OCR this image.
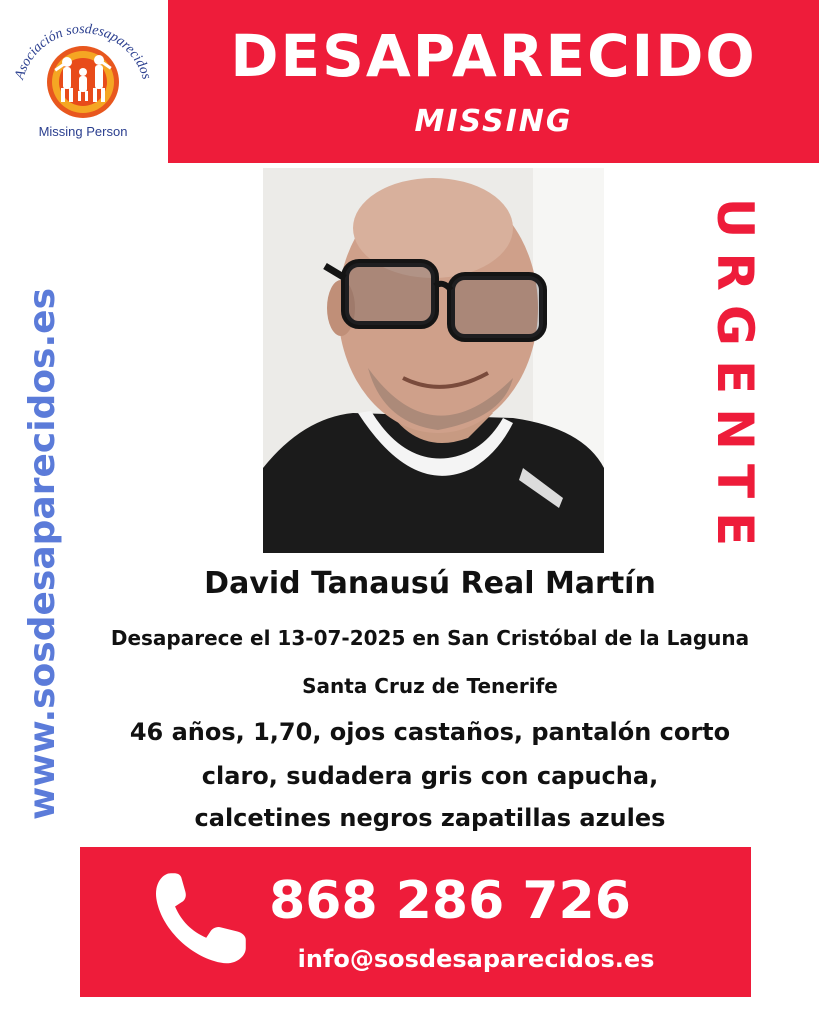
Asociación sosdesaparecidos
Missing Person
DESAPARECIDO
MISSING
www.sosdesaparecidos.es	URGENTE
David Tanausú Real Martín
Desaparece el 13-07-2025 en San Cristóbal de la Laguna
Santa Cruz de Tenerife
46 años, 1,70, ojos castaños, pantalón corto
claro, sudadera gris con capucha,
calcetines negros zapatillas azules
868 286 726
info@sosdesaparecidos.es
